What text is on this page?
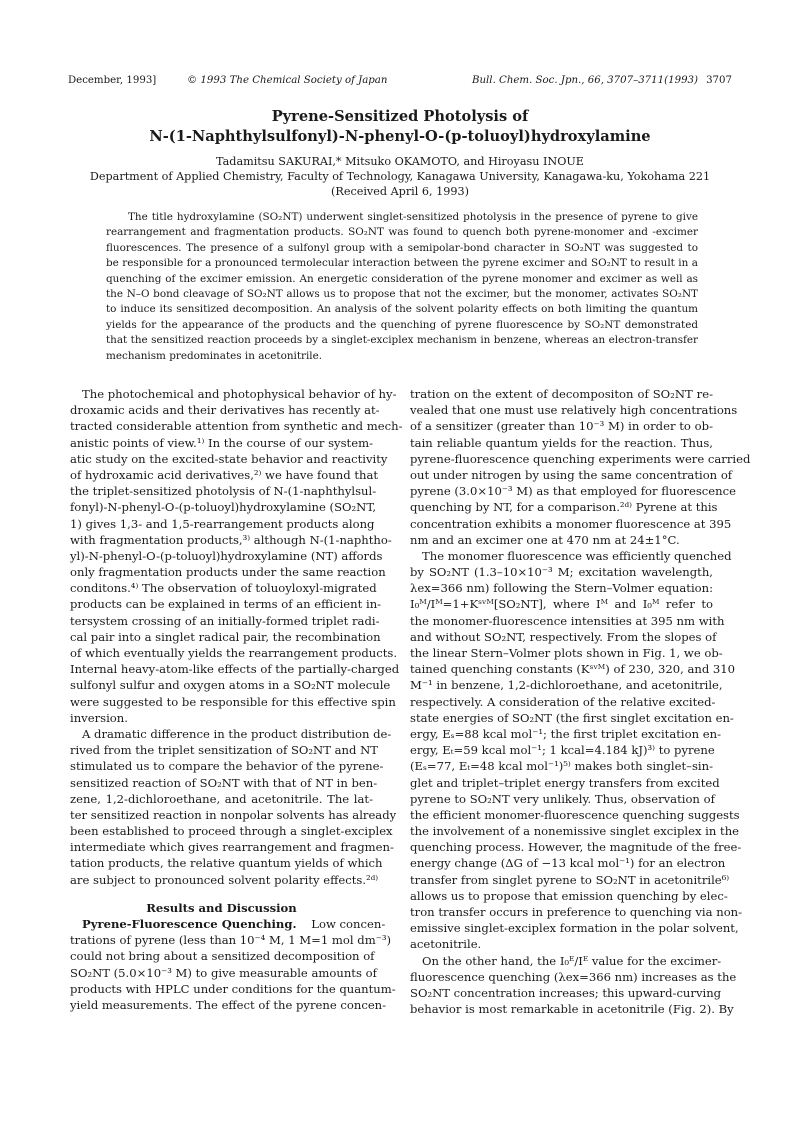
December, 1993]	© 1993 The Chemical Society of Japan	Bull. Chem. Soc. Jpn., 66, 3707–3711(1993) 3707
Pyrene-Sensitized Photolysis of
N-(1-Naphthylsulfonyl)-N-phenyl-O-(p-toluoyl)hydroxylamine
Tadamitsu SAKURAI,* Mitsuko OKAMOTO, and Hiroyasu INOUE
Department of Applied Chemistry, Faculty of Technology, Kanagawa University, Kanagawa-ku, Yokohama 221
(Received April 6, 1993)
The title hydroxylamine (SO₂NT) underwent singlet-sensitized photolysis in the presence of pyrene to give
rearrangement and fragmentation products. SO₂NT was found to quench both pyrene-monomer and -excimer
fluorescences. The presence of a sulfonyl group with a semipolar-bond character in SO₂NT was suggested to
be responsible for a pronounced termolecular interaction between the pyrene excimer and SO₂NT to result in a
quenching of the excimer emission. An energetic consideration of the pyrene monomer and excimer as well as
the N–O bond cleavage of SO₂NT allows us to propose that not the excimer, but the monomer, activates SO₂NT
to induce its sensitized decomposition. An analysis of the solvent polarity effects on both limiting the quantum
yields for the appearance of the products and the quenching of pyrene fluorescence by SO₂NT demonstrated
that the sensitized reaction proceeds by a singlet-exciplex mechanism in benzene, whereas an electron-transfer
mechanism predominates in acetonitrile.
The photochemical and photophysical behavior of hy-
droxamic acids and their derivatives has recently at-
tracted considerable attention from synthetic and mech-
anistic points of view.¹⁾ In the course of our system-
atic study on the excited-state behavior and reactivity
of hydroxamic acid derivatives,²⁾ we have found that
the triplet-sensitized photolysis of N-(1-naphthylsul-
fonyl)-N-phenyl-O-(p-toluoyl)hydroxylamine (SO₂NT,
1) gives 1,3- and 1,5-rearrangement products along
with fragmentation products,³⁾ although N-(1-naphtho-
yl)-N-phenyl-O-(p-toluoyl)hydroxylamine (NT) affords
only fragmentation products under the same reaction
conditons.⁴⁾ The observation of toluoyloxyl-migrated
products can be explained in terms of an efficient in-
tersystem crossing of an initially-formed triplet radi-
cal pair into a singlet radical pair, the recombination
of which eventually yields the rearrangement products.
Internal heavy-atom-like effects of the partially-charged
sulfonyl sulfur and oxygen atoms in a SO₂NT molecule
were suggested to be responsible for this effective spin
inversion.
A dramatic difference in the product distribution de-
rived from the triplet sensitization of SO₂NT and NT
stimulated us to compare the behavior of the pyrene-
sensitized reaction of SO₂NT with that of NT in ben-
zene, 1,2-dichloroethane, and acetonitrile. The lat-
ter sensitized reaction in nonpolar solvents has already
been established to proceed through a singlet-exciplex
intermediate which gives rearrangement and fragmen-
tation products, the relative quantum yields of which
are subject to pronounced solvent polarity effects.²ᵈ⁾
Results and Discussion
Pyrene-Fluorescence Quenching. Low concen-
trations of pyrene (less than 10⁻⁴ M, 1 M=1 mol dm⁻³)
could not bring about a sensitized decomposition of
SO₂NT (5.0×10⁻³ M) to give measurable amounts of
products with HPLC under conditions for the quantum-
yield measurements. The effect of the pyrene concen-
tration on the extent of decompositon of SO₂NT re-
vealed that one must use relatively high concentrations
of a sensitizer (greater than 10⁻³ M) in order to ob-
tain reliable quantum yields for the reaction. Thus,
pyrene-fluorescence quenching experiments were carried
out under nitrogen by using the same concentration of
pyrene (3.0×10⁻³ M) as that employed for fluorescence
quenching by NT, for a comparison.²ᵈ⁾ Pyrene at this
concentration exhibits a monomer fluorescence at 395
nm and an excimer one at 470 nm at 24±1°C.
The monomer fluorescence was efficiently quenched
by SO₂NT (1.3–10×10⁻³ M; excitation wavelength,
λex=366 nm) following the Stern–Volmer equation:
I₀ᴹ/Iᴹ=1+Kˢᵛᴹ[SO₂NT], where Iᴹ and I₀ᴹ refer to
the monomer-fluorescence intensities at 395 nm with
and without SO₂NT, respectively. From the slopes of
the linear Stern–Volmer plots shown in Fig. 1, we ob-
tained quenching constants (Kˢᵛᴹ) of 230, 320, and 310
M⁻¹ in benzene, 1,2-dichloroethane, and acetonitrile,
respectively. A consideration of the relative excited-
state energies of SO₂NT (the first singlet excitation en-
ergy, Eₛ=88 kcal mol⁻¹; the first triplet excitation en-
ergy, Eₜ=59 kcal mol⁻¹; 1 kcal=4.184 kJ)³⁾ to pyrene
(Eₛ=77, Eₜ=48 kcal mol⁻¹)⁵⁾ makes both singlet–sin-
glet and triplet–triplet energy transfers from excited
pyrene to SO₂NT very unlikely. Thus, observation of
the efficient monomer-fluorescence quenching suggests
the involvement of a nonemissive singlet exciplex in the
quenching process. However, the magnitude of the free-
energy change (ΔG of −13 kcal mol⁻¹) for an electron
transfer from singlet pyrene to SO₂NT in acetonitrile⁶⁾
allows us to propose that emission quenching by elec-
tron transfer occurs in preference to quenching via non-
emissive singlet-exciplex formation in the polar solvent,
acetonitrile.
On the other hand, the I₀ᴱ/Iᴱ value for the excimer-
fluorescence quenching (λex=366 nm) increases as the
SO₂NT concentration increases; this upward-curving
behavior is most remarkable in acetonitrile (Fig. 2). By
